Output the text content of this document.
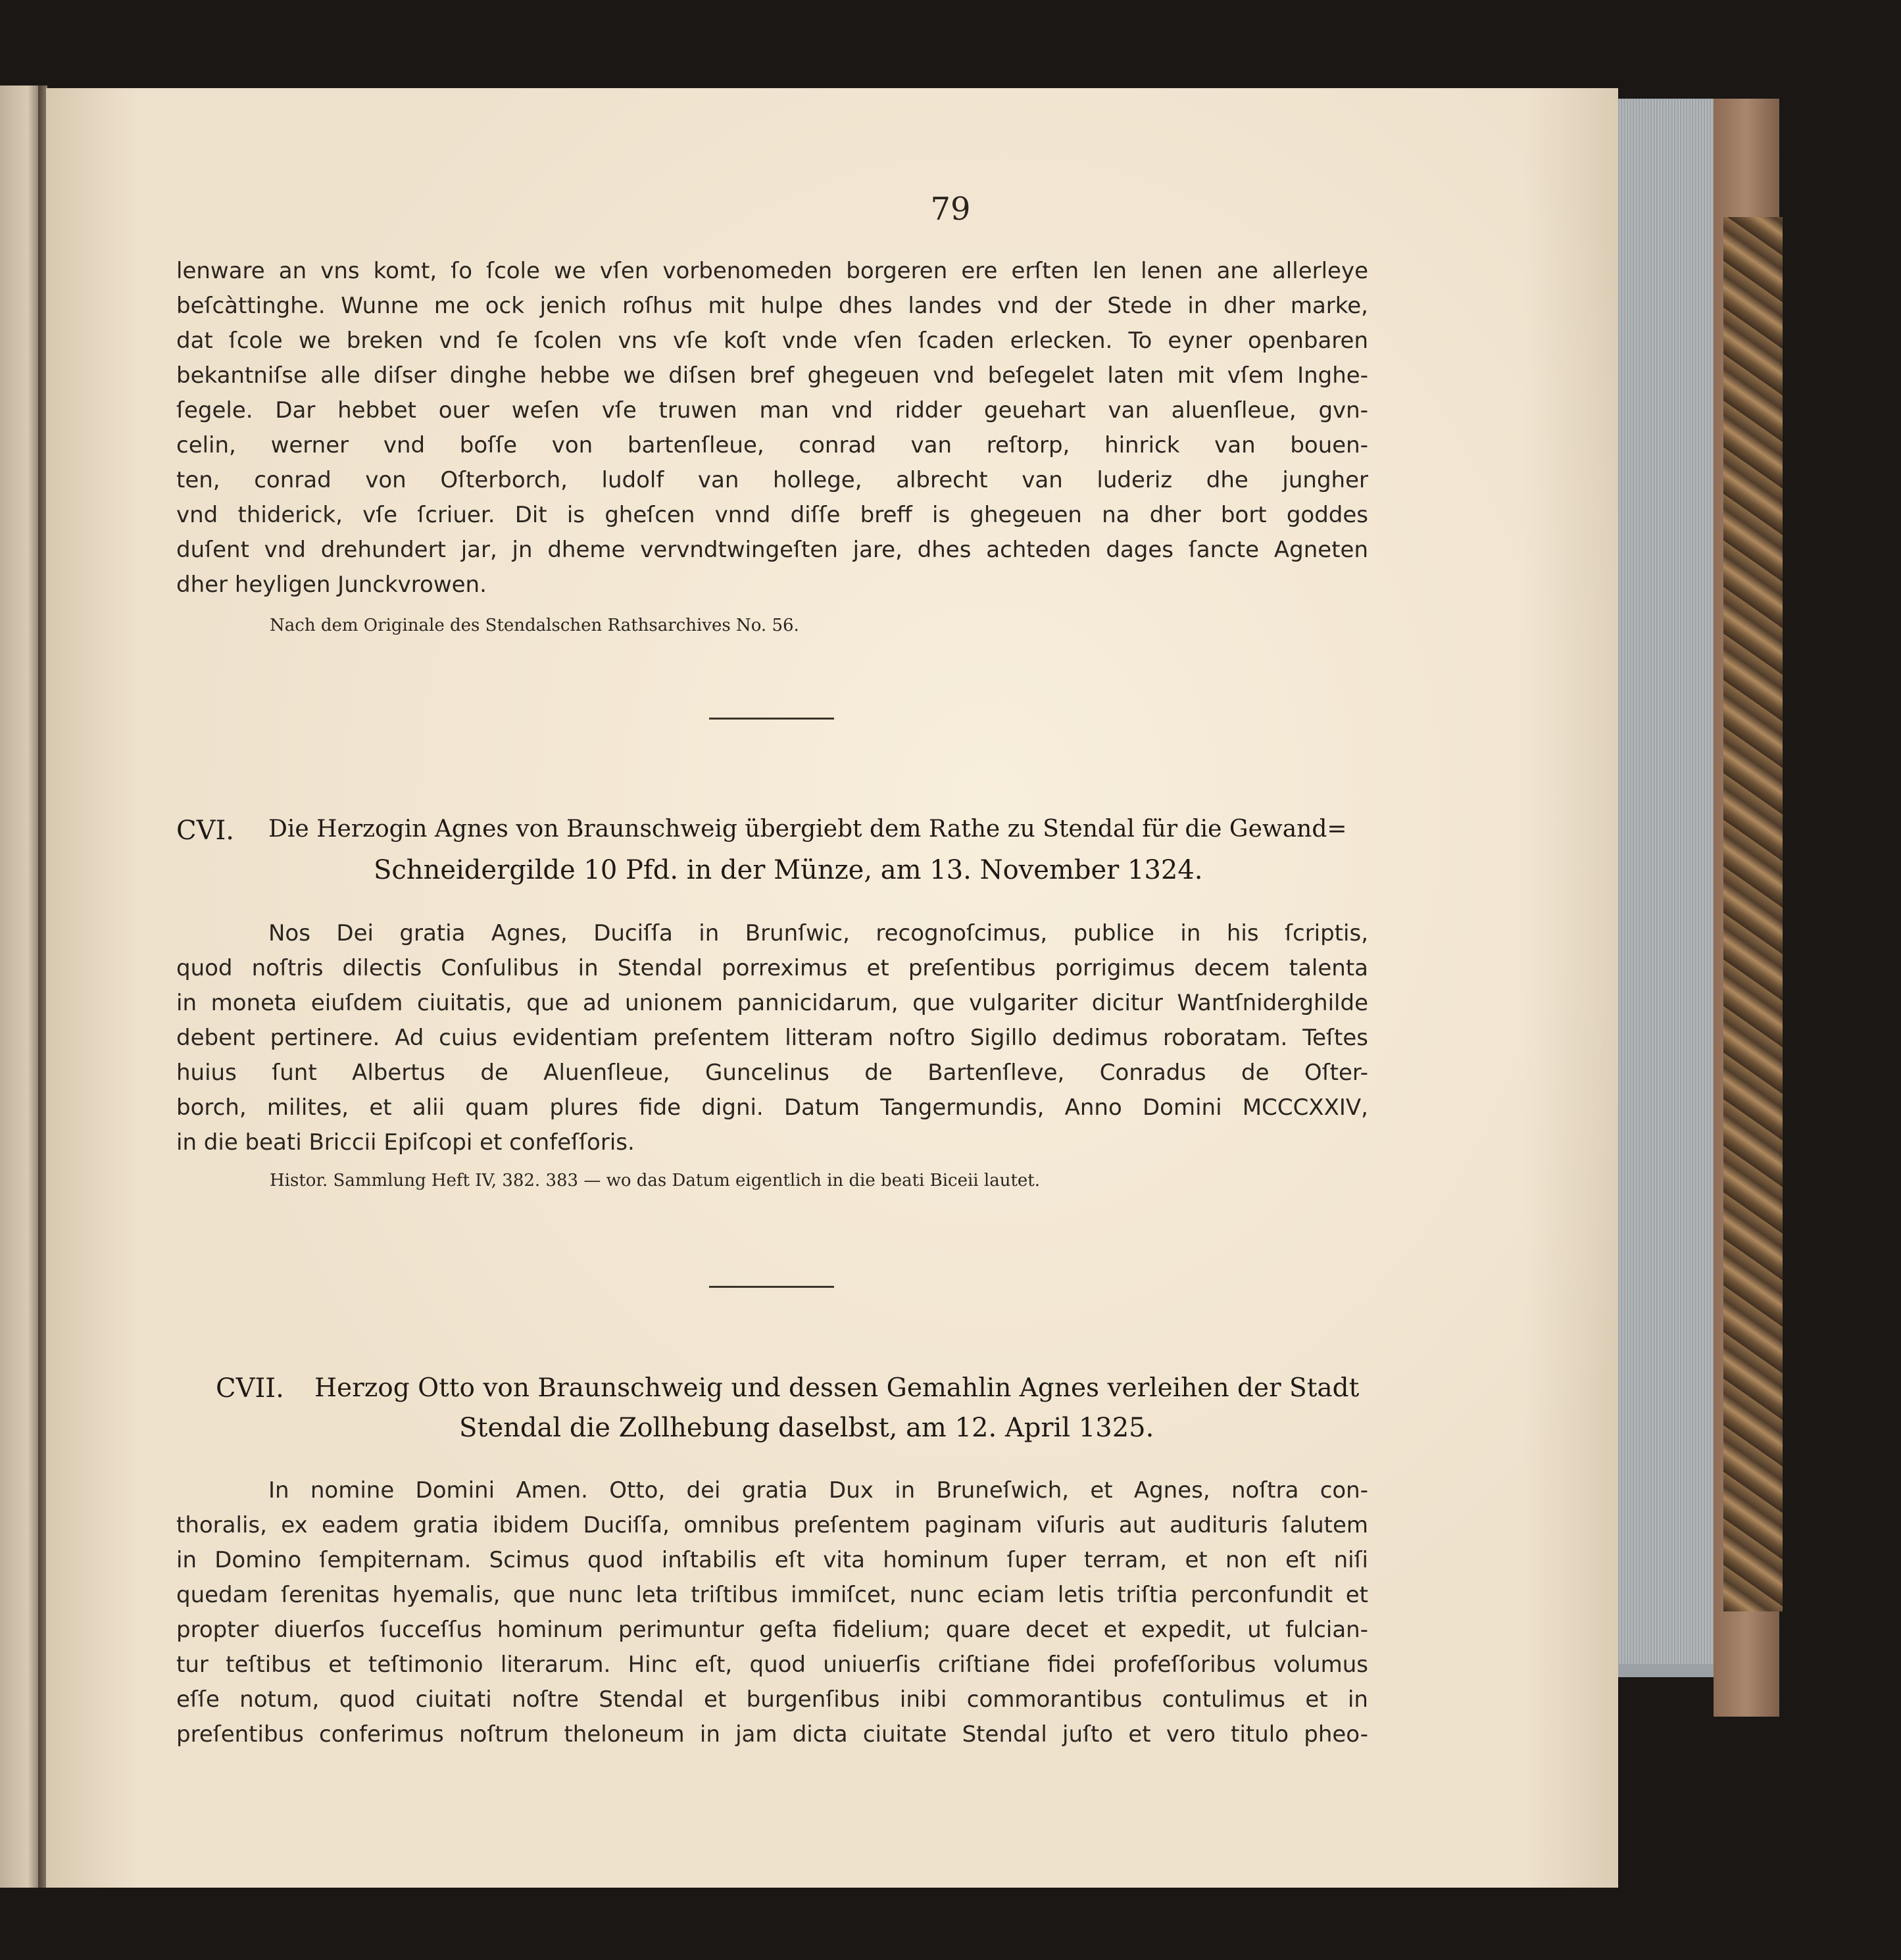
79
lenware an vns komt, ſo ſcole we vſen vorbenomeden borgeren ere erſten len lenen ane allerleye
beſcàttinghe. Wunne me ock jenich roſhus mit hulpe dhes landes vnd der Stede in dher marke,
dat ſcole we breken vnd ſe ſcolen vns vſe koſt vnde vſen ſcaden erlecken. To eyner openbaren
bekantniſse alle diſser dinghe hebbe we diſsen bref ghegeuen vnd beſegelet laten mit vſem Inghe-
ſegele. Dar hebbet ouer weſen vſe truwen man vnd ridder geuehart van aluenſleue, gvn-
celin, werner vnd boſſe von bartenſleue, conrad van reſtorp, hinrick van bouen-
ten, conrad von Oſterborch, ludolf van hollege, albrecht van luderiz dhe jungher
vnd thiderick, vſe ſcriuer. Dit is gheſcen vnnd diſſe breff is ghegeuen na dher bort goddes
duſent vnd drehundert jar, jn dheme vervndtwingeſten jare, dhes achteden dages ſancte Agneten
dher heyligen Junckvrowen.
Nach dem Originale des Stendalschen Rathsarchives No. 56.
CVI. Die Herzogin Agnes von Braunschweig übergiebt dem Rathe zu Stendal für die Gewand=
Schneidergilde 10 Pfd. in der Münze, am 13. November 1324.
Nos Dei gratia Agnes, Duciſſa in Brunſwic, recognoſcimus, publice in his ſcriptis,
quod noſtris dilectis Conſulibus in Stendal porreximus et preſentibus porrigimus decem talenta
in moneta eiuſdem ciuitatis, que ad unionem pannicidarum, que vulgariter dicitur Wantſniderghilde
debent pertinere. Ad cuius evidentiam preſentem litteram noſtro Sigillo dedimus roboratam. Teſtes
huius ſunt Albertus de Aluenſleue, Guncelinus de Bartenſleve, Conradus de Oſter-
borch, milites, et alii quam plures fide digni. Datum Tangermundis, Anno Domini MCCCXXIV,
in die beati Briccii Epiſcopi et confeſſoris.
Histor. Sammlung Heft IV, 382. 383 — wo das Datum eigentlich in die beati Biceii lautet.
CVII. Herzog Otto von Braunschweig und dessen Gemahlin Agnes verleihen der Stadt
Stendal die Zollhebung daselbst, am 12. April 1325.
In nomine Domini Amen. Otto, dei gratia Dux in Bruneſwich, et Agnes, noſtra con-
thoralis, ex eadem gratia ibidem Duciſſa, omnibus preſentem paginam viſuris aut audituris ſalutem
in Domino ſempiternam. Scimus quod inſtabilis eſt vita hominum ſuper terram, et non eſt niſi
quedam ſerenitas hyemalis, que nunc leta triſtibus immiſcet, nunc eciam letis triſtia perconfundit et
propter diuerſos ſucceſſus hominum perimuntur geſta fidelium; quare decet et expedit, ut fulcian-
tur teſtibus et teſtimonio literarum. Hinc eſt, quod uniuerſis criſtiane fidei profeſſoribus volumus
eſſe notum, quod ciuitati noſtre Stendal et burgenſibus inibi commorantibus contulimus et in
preſentibus conferimus noſtrum theloneum in jam dicta ciuitate Stendal juſto et vero titulo pheo-
